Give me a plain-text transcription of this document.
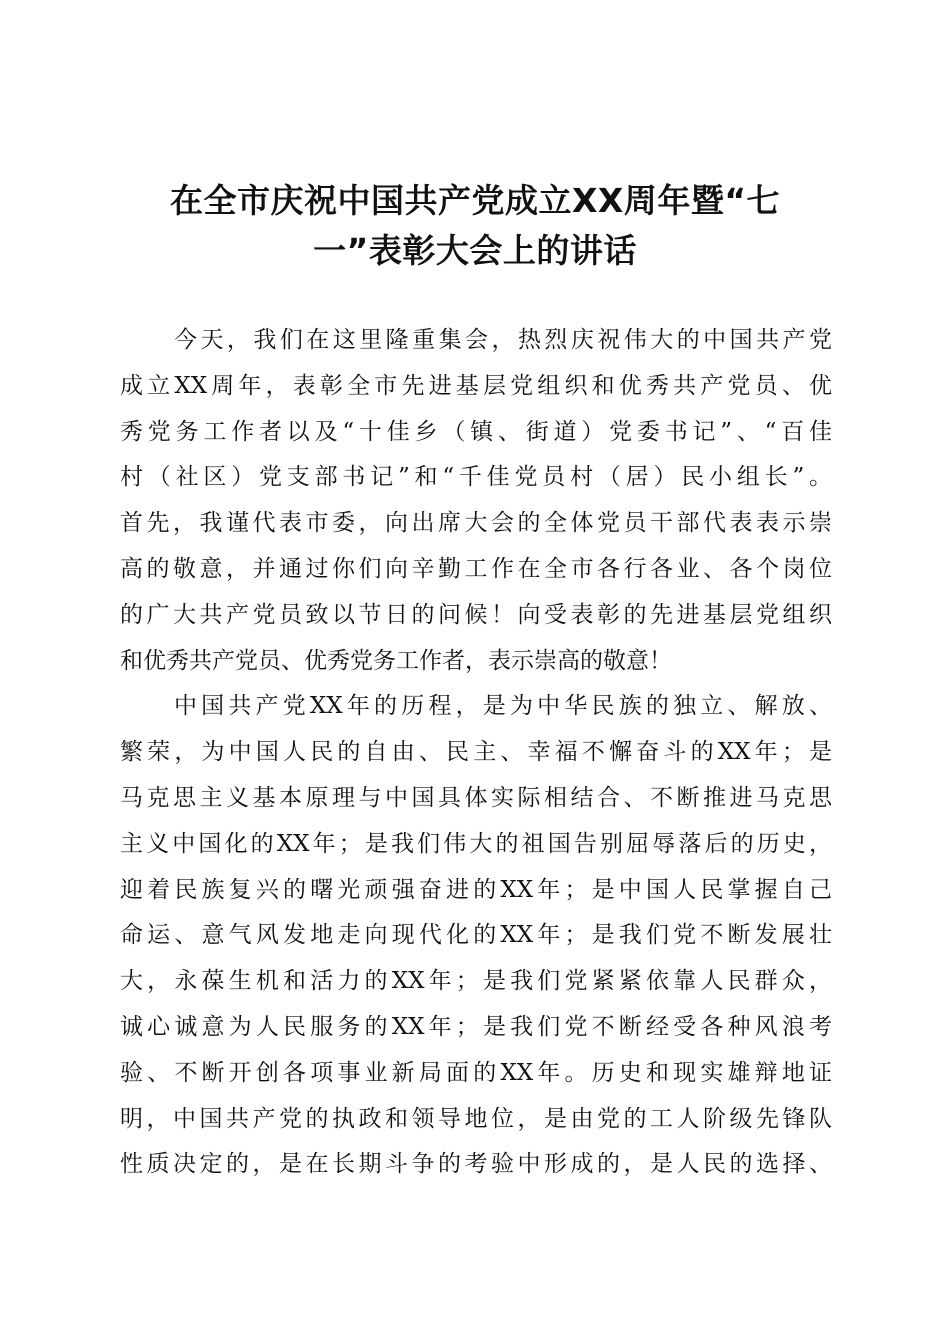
在全市庆祝中国共产党成立XX周年暨“七
一”表彰大会上的讲话
今天，我们在这里隆重集会，热烈庆祝伟大的中国共产党
成立XX周年，表彰全市先进基层党组织和优秀共产党员、优
秀党务工作者以及“十佳乡（镇、街道）党委书记”、“百佳
村（社区）党支部书记”和“千佳党员村（居）民小组长”。
首先，我谨代表市委，向出席大会的全体党员干部代表表示崇
高的敬意，并通过你们向辛勤工作在全市各行各业、各个岗位
的广大共产党员致以节日的问候！向受表彰的先进基层党组织
和优秀共产党员、优秀党务工作者，表示崇高的敬意！
中国共产党XX年的历程，是为中华民族的独立、解放、
繁荣，为中国人民的自由、民主、幸福不懈奋斗的XX年；是
马克思主义基本原理与中国具体实际相结合、不断推进马克思
主义中国化的XX年；是我们伟大的祖国告别屈辱落后的历史，
迎着民族复兴的曙光顽强奋进的XX年；是中国人民掌握自己
命运、意气风发地走向现代化的XX年；是我们党不断发展壮
大，永葆生机和活力的XX年；是我们党紧紧依靠人民群众，
诚心诚意为人民服务的XX年；是我们党不断经受各种风浪考
验、不断开创各项事业新局面的XX年。历史和现实雄辩地证
明，中国共产党的执政和领导地位，是由党的工人阶级先锋队
性质决定的，是在长期斗争的考验中形成的，是人民的选择、
